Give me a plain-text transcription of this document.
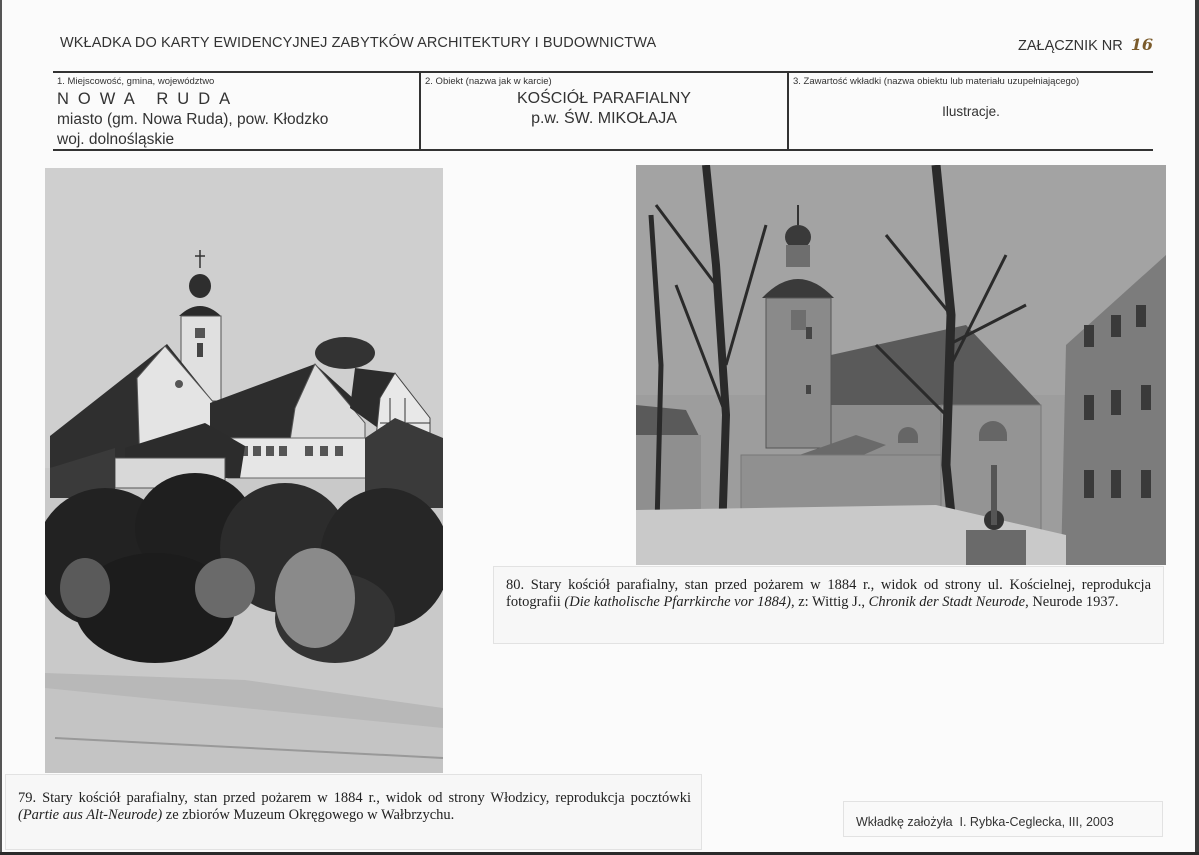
WKŁADKA DO KARTY EWIDENCYJNEJ ZABYTKÓW ARCHITEKTURY I BUDOWNICTWA	ZAŁĄCZNIK NR 16
1. Miejscowość, gmina, województwo
NOWA RUDA
miasto (gm. Nowa Ruda), pow. Kłodzko
woj. dolnośląskie
2. Obiekt (nazwa jak w karcie)
KOŚCIÓŁ PARAFIALNY
p.w. ŚW. MIKOŁAJA
3. Zawartość wkładki (nazwa obiektu lub materiału uzupełniającego)
Ilustracje.

80. Stary kościół parafialny, stan przed pożarem w 1884 r., widok od strony ul. Kościelnej, reprodukcja fotografii (Die katholische Pfarrkirche vor 1884), z: Wittig J., Chronik der Stadt Neurode, Neurode 1937.

79. Stary kościół parafialny, stan przed pożarem w 1884 r., widok od strony Włodzicy, reprodukcja pocztówki (Partie aus Alt-Neurode) ze zbiorów Muzeum Okręgowego w Wałbrzychu.	Wkładkę założyła  I. Rybka-Ceglecka, III, 2003
